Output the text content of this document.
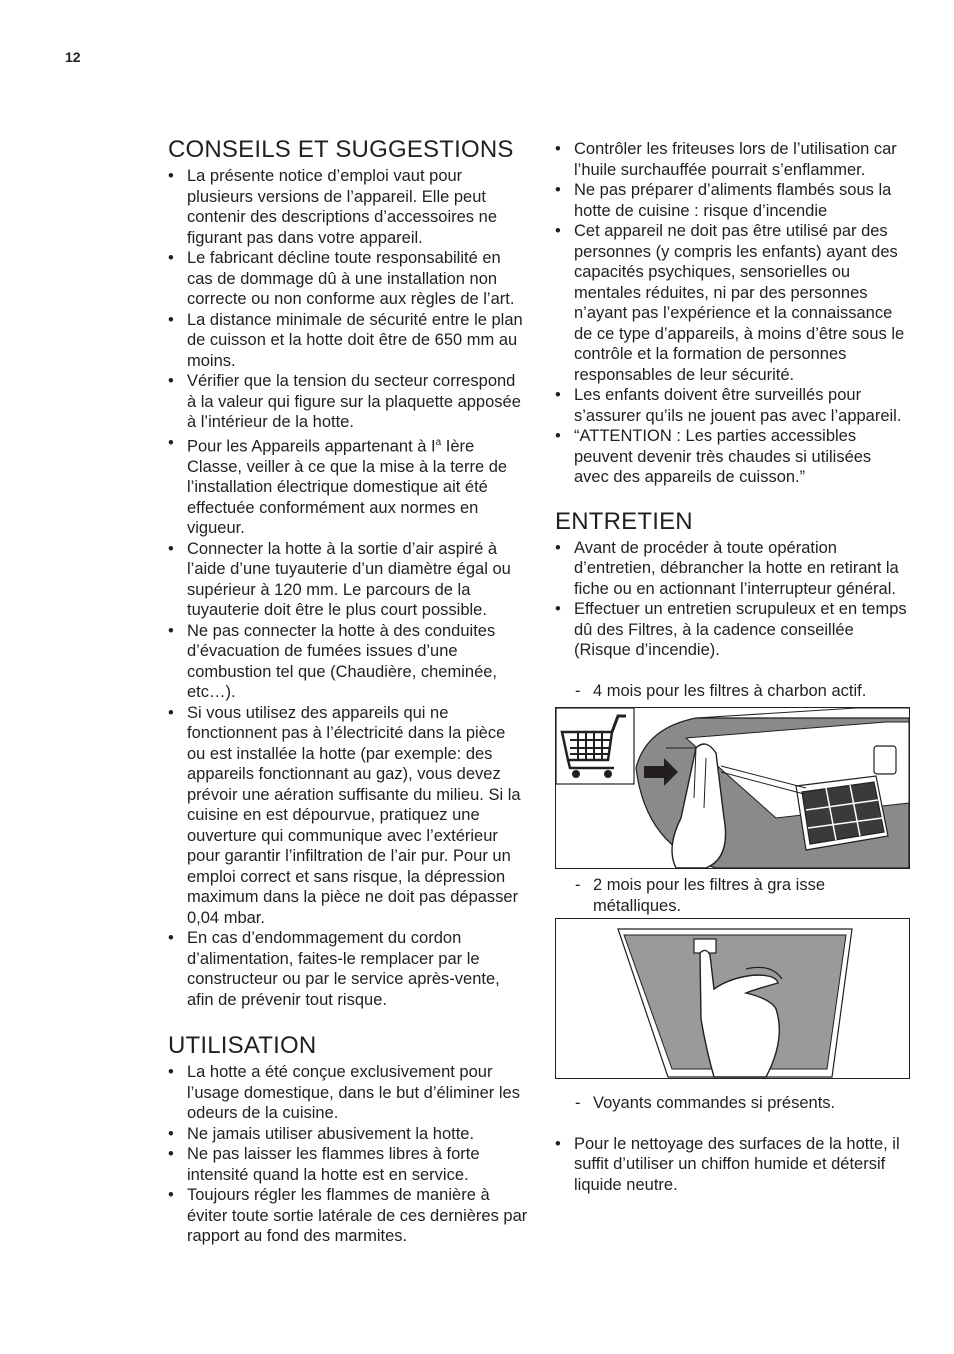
12
CONSEILS ET SUGGESTIONS
• La présente notice d’emploi vaut pour plusieurs versions de l’appareil. Elle peut contenir des descriptions d’accessoires ne figurant pas dans votre appareil.
• Le fabricant décline toute responsabilité en cas de dommage dû à une installation non correcte ou non conforme aux règles de l’art.
• La distance minimale de sécurité entre le plan de cuisson et la hotte doit être de 650 mm au moins.
• Vérifier que la tension du secteur correspond à la valeur qui figure sur la plaquette apposée à l’intérieur de la hotte.
• Pour les Appareils appartenant à $I^a$ Ière
Classe, veiller à ce que la mise à la terre de l’installation électrique domestique ait été effectuée conformément aux normes en vigueur.
• Connecter la hotte à la sortie d’air aspiré à l’aide d’une tuyauterie d’un diamètre égal ou supérieur à 120 mm. Le parcours de la tuyauterie doit être le plus court possible.
• Ne pas connecter la hotte à des conduites d’évacuation de fumées issues d’une combustion tel que (Chaudière, cheminée, etc…).
• Si vous utilisez des appareils qui ne fonctionnent pas à l’électricité dans la pièce ou est installée la hotte (par exemple: des appareils fonctionnant au gaz), vous devez prévoir une aération suffisante du milieu. Si la cuisine en est dépourvue, pratiquez une ouverture qui communique avec l’extérieur pour garantir l’infiltration de l’air pur. Pour un emploi correct et sans risque, la dépression maximum dans la pièce ne doit pas dépasser 0,04 mbar.
• En cas d’endommagement du cordon d’alimentation, faites-le remplacer par le constructeur ou par le service après-vente, afin de prévenir tout risque.
UTILISATION
• La hotte a été conçue exclusivement pour l’usage domestique, dans le but d’éliminer les odeurs de la cuisine.
• Ne jamais utiliser abusivement la hotte.
• Ne pas laisser les flammes libres à forte intensité quand la hotte est en service.
• Toujours régler les flammes de manière à éviter toute sortie latérale de ces dernières par rapport au fond des marmites.
• Contrôler les friteuses lors de l’utilisation car l’huile surchauffée pourrait s’enflammer.
• Ne pas préparer d’aliments flambés sous la hotte de cuisine : risque d’incendie
• Cet appareil ne doit pas être utilisé par des personnes (y compris les enfants) ayant des capacités psychiques, sensorielles ou mentales réduites, ni par des personnes n’ayant pas l’expérience et la connaissance de ce type d’appareils, à moins d’être sous le contrôle et la formation de personnes responsables de leur sécurité.
• Les enfants doivent être surveillés pour s’assurer qu’ils ne jouent pas avec l’appareil.
• “ATTENTION : Les parties accessibles peuvent devenir très chaudes si utilisées avec des appareils de cuisson.”
ENTRETIEN
• Avant de procéder à toute opération d’entretien, débrancher la hotte en retirant la fiche ou en actionnant l’interrupteur général.
• Effectuer un entretien scrupuleux et en temps dû des Filtres, à la cadence conseillée (Risque d’incendie).
- 4 mois pour les filtres à charbon actif.
- 2 mois pour les filtres à gra isse métalliques.
- Voyants commandes si présents.
• Pour le nettoyage des surfaces de la hotte, il suffit d’utiliser un chiffon humide et détersif liquide neutre.
